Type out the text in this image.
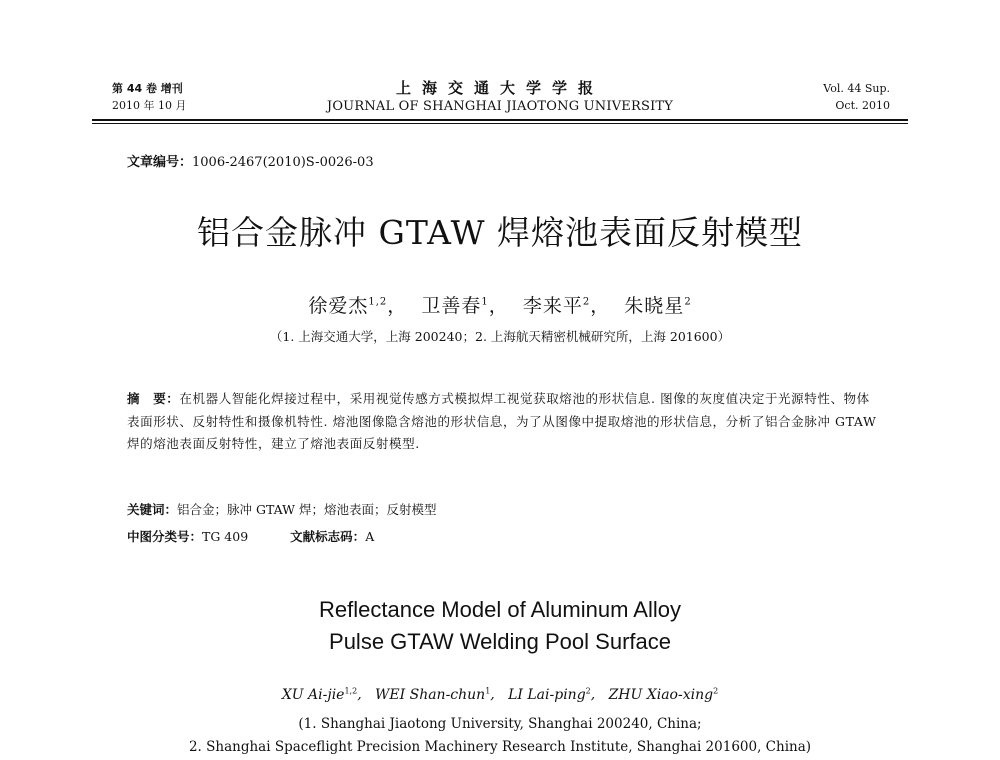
第 44 卷 增刊
2010 年 10 月
上海交通大学学报
JOURNAL OF SHANGHAI JIAOTONG UNIVERSITY
Vol. 44 Sup.
Oct. 2010
文章编号：1006-2467(2010)S-0026-03
铝合金脉冲 GTAW 焊熔池表面反射模型
徐爱杰$^{1,2}$，  卫善春$^1$，  李来平$^2$，  朱晓星$^2$
（1. 上海交通大学，上海 200240；2. 上海航天精密机械研究所，上海 201600）
摘　要：在机器人智能化焊接过程中，采用视觉传感方式模拟焊工视觉获取熔池的形状信息. 图像的灰度值决定于光源特性、物体表面形状、反射特性和摄像机特性. 熔池图像隐含熔池的形状信息，为了从图像中提取熔池的形状信息，分析了铝合金脉冲 GTAW 焊的熔池表面反射特性，建立了熔池表面反射模型.
关键词：铝合金；脉冲 GTAW 焊；熔池表面；反射模型
中图分类号：TG 409	文献标志码：A
Reflectance Model of Aluminum Alloy
Pulse GTAW Welding Pool Surface
XU Ai-jie$^{1,2}$,   WEI Shan-chun$^1$,   LI Lai-ping$^2$,   ZHU Xiao-xing$^2$
(1. Shanghai Jiaotong University, Shanghai 200240, China;
2. Shanghai Spaceflight Precision Machinery Research Institute, Shanghai 201600, China)
